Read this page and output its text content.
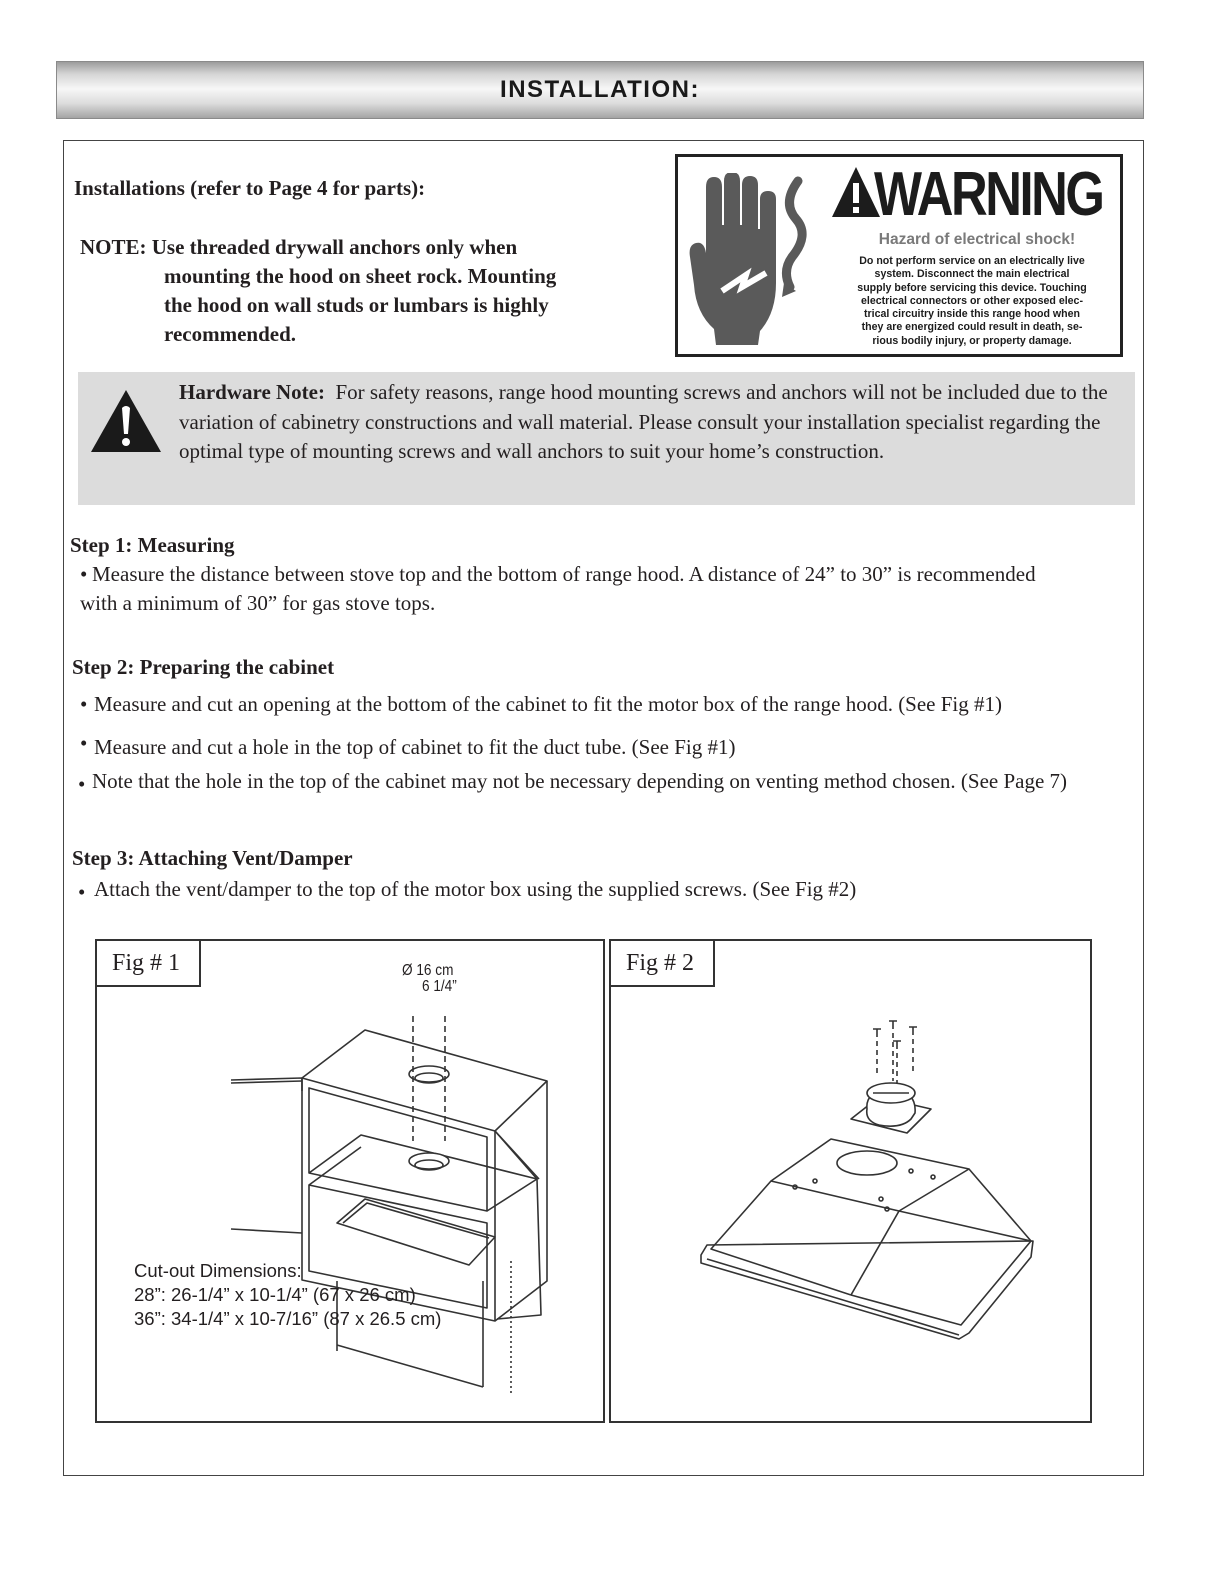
INSTALLATION:
Installations (refer to Page 4 for parts):
NOTE: Use threaded drywall anchors only when
mounting the hood on sheet rock. Mounting
the hood on wall studs or lumbars is highly
recommended.
WARNING
Hazard of electrical shock!
Do not perform service on an electrically live
system. Disconnect the main electrical
supply before servicing this device. Touching
electrical connectors or other exposed elec-
trical circuitry inside this range hood when
they are energized could result in death, se-
rious bodily injury, or property damage.
Hardware Note: For safety reasons, range hood mounting screws and anchors will not be included due to the variation of cabinetry constructions and wall material. Please consult your installation specialist regarding the optimal type of mounting screws and wall anchors to suit your home’s construction.
Step 1: Measuring
• Measure the distance between stove top and the bottom of range hood. A distance of 24” to 30” is recommended with a minimum of 30” for gas stove tops.
Step 2: Preparing the cabinet
• Measure and cut an opening at the bottom of the cabinet to fit the motor box of the range hood. (See Fig #1)
• Measure and cut a hole in the top of cabinet to fit the duct tube. (See Fig #1)
• Note that the hole in the top of the cabinet may not be necessary depending on venting method chosen. (See Page 7)
Step 3: Attaching Vent/Damper
• Attach the vent/damper to the top of the motor box using the supplied screws. (See Fig #2)
Fig # 1	Ø 16 cm
6 1/4”
Cut-out Dimensions:
28”: 26-1/4” x 10-1/4” (67 x 26 cm)
36”: 34-1/4” x 10-7/16” (87 x 26.5 cm)
Fig # 2
